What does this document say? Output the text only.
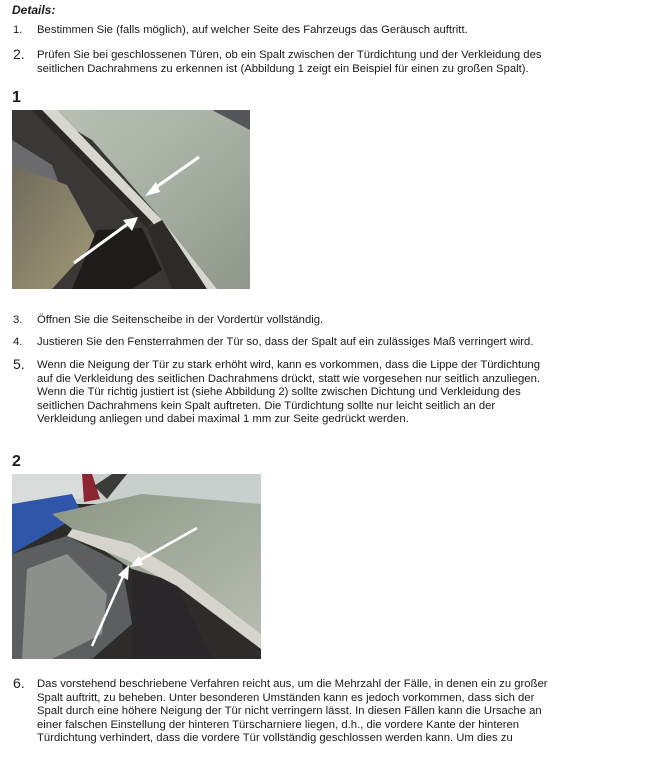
Details:
1.	Bestimmen Sie (falls möglich), auf welcher Seite des Fahrzeugs das Geräusch auftritt.
2.	Prüfen Sie bei geschlossenen Türen, ob ein Spalt zwischen der Türdichtung und der Verkleidung des
seitlichen Dachrahmens zu erkennen ist (Abbildung 1 zeigt ein Beispiel für einen zu großen Spalt).
1
3.	Öffnen Sie die Seitenscheibe in der Vordertür vollständig.
4.	Justieren Sie den Fensterrahmen der Tür so, dass der Spalt auf ein zulässiges Maß verringert wird.
5.	Wenn die Neigung der Tür zu stark erhöht wird, kann es vorkommen, dass die Lippe der Türdichtung
auf die Verkleidung des seitlichen Dachrahmens drückt, statt wie vorgesehen nur seitlich anzuliegen.
Wenn die Tür richtig justiert ist (siehe Abbildung 2) sollte zwischen Dichtung und Verkleidung des
seitlichen Dachrahmens kein Spalt auftreten. Die Türdichtung sollte nur leicht seitlich an der
Verkleidung anliegen und dabei maximal 1 mm zur Seite gedrückt werden.
2
6.	Das vorstehend beschriebene Verfahren reicht aus, um die Mehrzahl der Fälle, in denen ein zu großer
Spalt auftritt, zu beheben. Unter besonderen Umständen kann es jedoch vorkommen, dass sich der
Spalt durch eine höhere Neigung der Tür nicht verringern lässt. In diesen Fällen kann die Ursache an
einer falschen Einstellung der hinteren Türscharniere liegen, d.h., die vordere Kante der hinteren
Türdichtung verhindert, dass die vordere Tür vollständig geschlossen werden kann. Um dies zu
